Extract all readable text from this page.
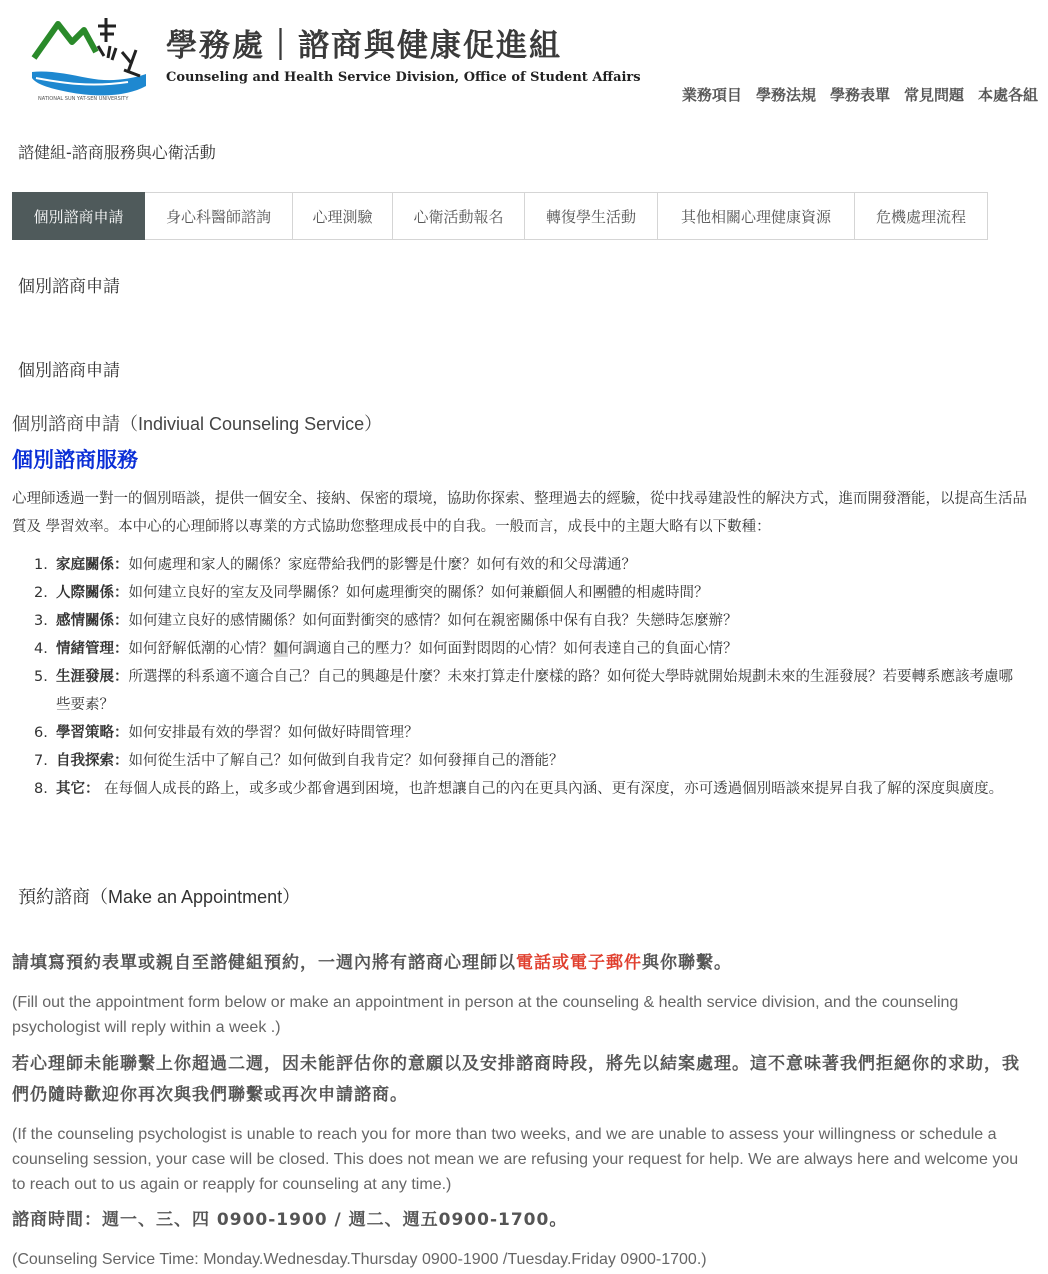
NATIONAL SUN YAT-SEN UNIVERSITY
學務處｜諮商與健康促進組
Counseling and Health Service Division, Office of Student Affairs
業務項目 學務法規 學務表單 常見問題 本處各組
諮健組-諮商服務與心衛活動
個別諮商申請	身心科醫師諮詢	心理測驗	心衛活動報名	轉復學生活動	其他相關心理健康資源	危機處理流程
個別諮商申請
個別諮商申請
個別諮商申請（Indiviual Counseling Service）
個別諮商服務

心理師透過一對一的個別晤談，提供一個安全、接納、保密的環境，協助你探索、整理過去的經驗，從中找尋建設性的解決方式，進而開發潛能，以提高生活品質及 學習效率。本中心的心理師將以專業的方式協助您整理成長中的自我。一般而言，成長中的主題大略有以下數種：

1. 家庭關係：如何處理和家人的關係？家庭帶給我們的影響是什麼？如何有效的和父母溝通？
2. 人際關係：如何建立良好的室友及同學關係？如何處理衝突的關係？如何兼顧個人和團體的相處時間？
3. 感情關係：如何建立良好的感情關係？如何面對衝突的感情？如何在親密關係中保有自我？失戀時怎麼辦？
4. 情緒管理：如何舒解低潮的心情？如何調適自己的壓力？如何面對悶悶的心情？如何表達自己的負面心情？
5. 生涯發展：所選擇的科系適不適合自己？自己的興趣是什麼？未來打算走什麼樣的路？如何從大學時就開始規劃未來的生涯發展？若要轉系應該考慮哪些要素？
6. 學習策略：如何安排最有效的學習？如何做好時間管理？
7. 自我探索：如何從生活中了解自己？如何做到自我肯定？如何發揮自己的潛能？
8. 其它： 在每個人成長的路上，或多或少都會遇到困境，也許想讓自己的內在更具內涵、更有深度，亦可透過個別晤談來提昇自我了解的深度與廣度。
預約諮商（Make an Appointment）

請填寫預約表單或親自至諮健組預約，一週內將有諮商心理師以電話或電子郵件與你聯繫。

(Fill out the appointment form below or make an appointment in person at the counseling & health service division, and the counseling psychologist will reply within a week .)

若心理師未能聯繫上你超過二週，因未能評估你的意願以及安排諮商時段，將先以結案處理。這不意味著我們拒絕你的求助，我們仍隨時歡迎你再次與我們聯繫或再次申請諮商。

(If the counseling psychologist is unable to reach you for more than two weeks, and we are unable to assess your willingness or schedule a counseling session, your case will be closed. This does not mean we are refusing your request for help. We are always here and welcome you to reach out to us again or reapply for counseling at any time.)

諮商時間：週一、三、四 0900-1900 / 週二、週五0900-1700。

(Counseling Service Time: Monday.Wednesday.Thursday 0900-1900 /Tuesday.Friday 0900-1700.)
